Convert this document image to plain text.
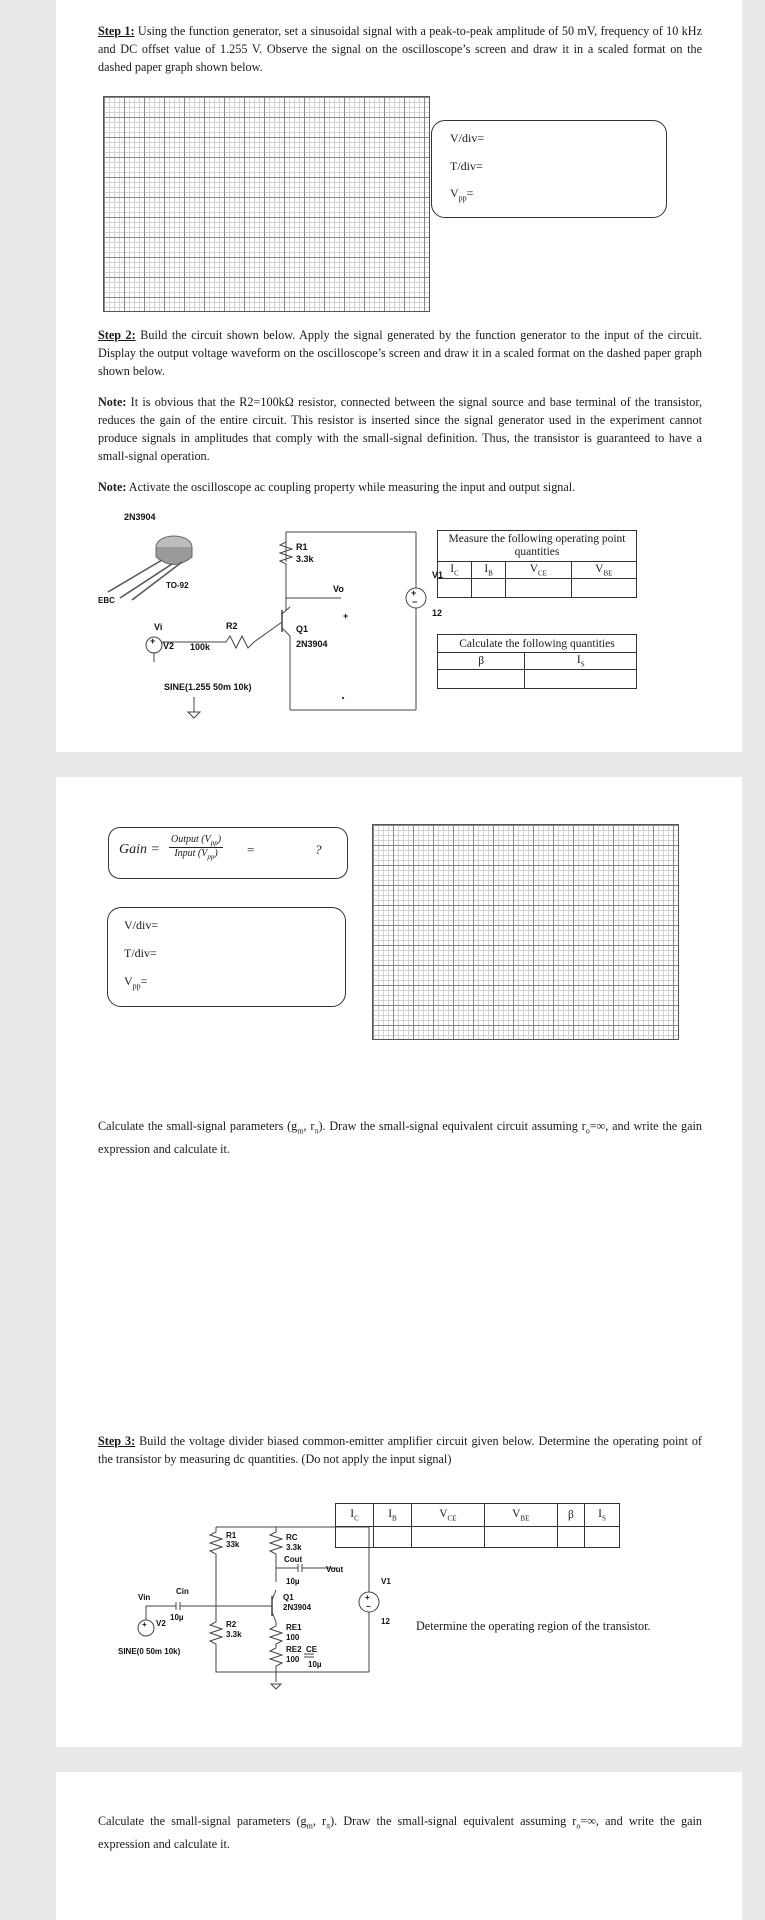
Step 1: Using the function generator, set a sinusoidal signal with a peak-to-peak amplitude of 50 mV, frequency of 10 kHz and DC offset value of 1.255 V. Observe the signal on the oscilloscope’s screen and draw it in a scaled format on the dashed paper graph shown below.

V/div=
T/div=
$V_{pp}=$

Step 2: Build the circuit shown below. Apply the signal generated by the function generator to the input of the circuit. Display the output voltage waveform on the oscilloscope’s screen and draw it in a scaled format on the dashed paper graph shown below.

Note: It is obvious that the R2=100kΩ resistor, connected between the signal source and base terminal of the transistor, reduces the gain of the entire circuit. This resistor is inserted since the signal generator used in the experiment cannot produce signals in amplitudes that comply with the small-signal definition. Thus, the transistor is guaranteed to have a small-signal operation.

Note: Activate the oscilloscope ac coupling property while measuring the input and output signal.

2N3904
TO-92
EBC
R1
3.3k
Vo
+
Q1
2N3904
+
−
V1
12
Vi	R2
+ V2 100k
SINE(1.255 50m 10k)
Measure the following operating point quantities			
$I_C$	$I_B$	$V_{CE}$	$V_{BE}$

Calculate the following quantities	
β	$I_S$

Gain =
Output $(V_{pp})$
Input $(V_{pp})$	=	?
V/div=
T/div=
$V_{pp}=$

Calculate the small-signal parameters ($g_m$, $r_\pi$). Draw the small-signal equivalent circuit assuming $r_o=\infty$, and write the gain expression and calculate it.

Step 3: Build the voltage divider biased common-emitter amplifier circuit given below. Determine the operating point of the transistor by measuring dc quantities. (Do not apply the input signal)

R1
33k
RC
3.3k
Cout
Vout
10µ
Q1
2N3904
RE1
100
RE2
100
CE
10µ
R2
3.3k
+
−
V1
12
Vin
Cin
10µ
V2
+
SINE(0 50m 10k)
$I_C$	$I_B$	$V_{CE}$	$V_{BE}$	β	$I_S$

Determine the operating region of the transistor.

Calculate the small-signal parameters ($g_m$, $r_\pi$). Draw the small-signal equivalent assuming $r_o=\infty$, and write the gain expression and calculate it.
